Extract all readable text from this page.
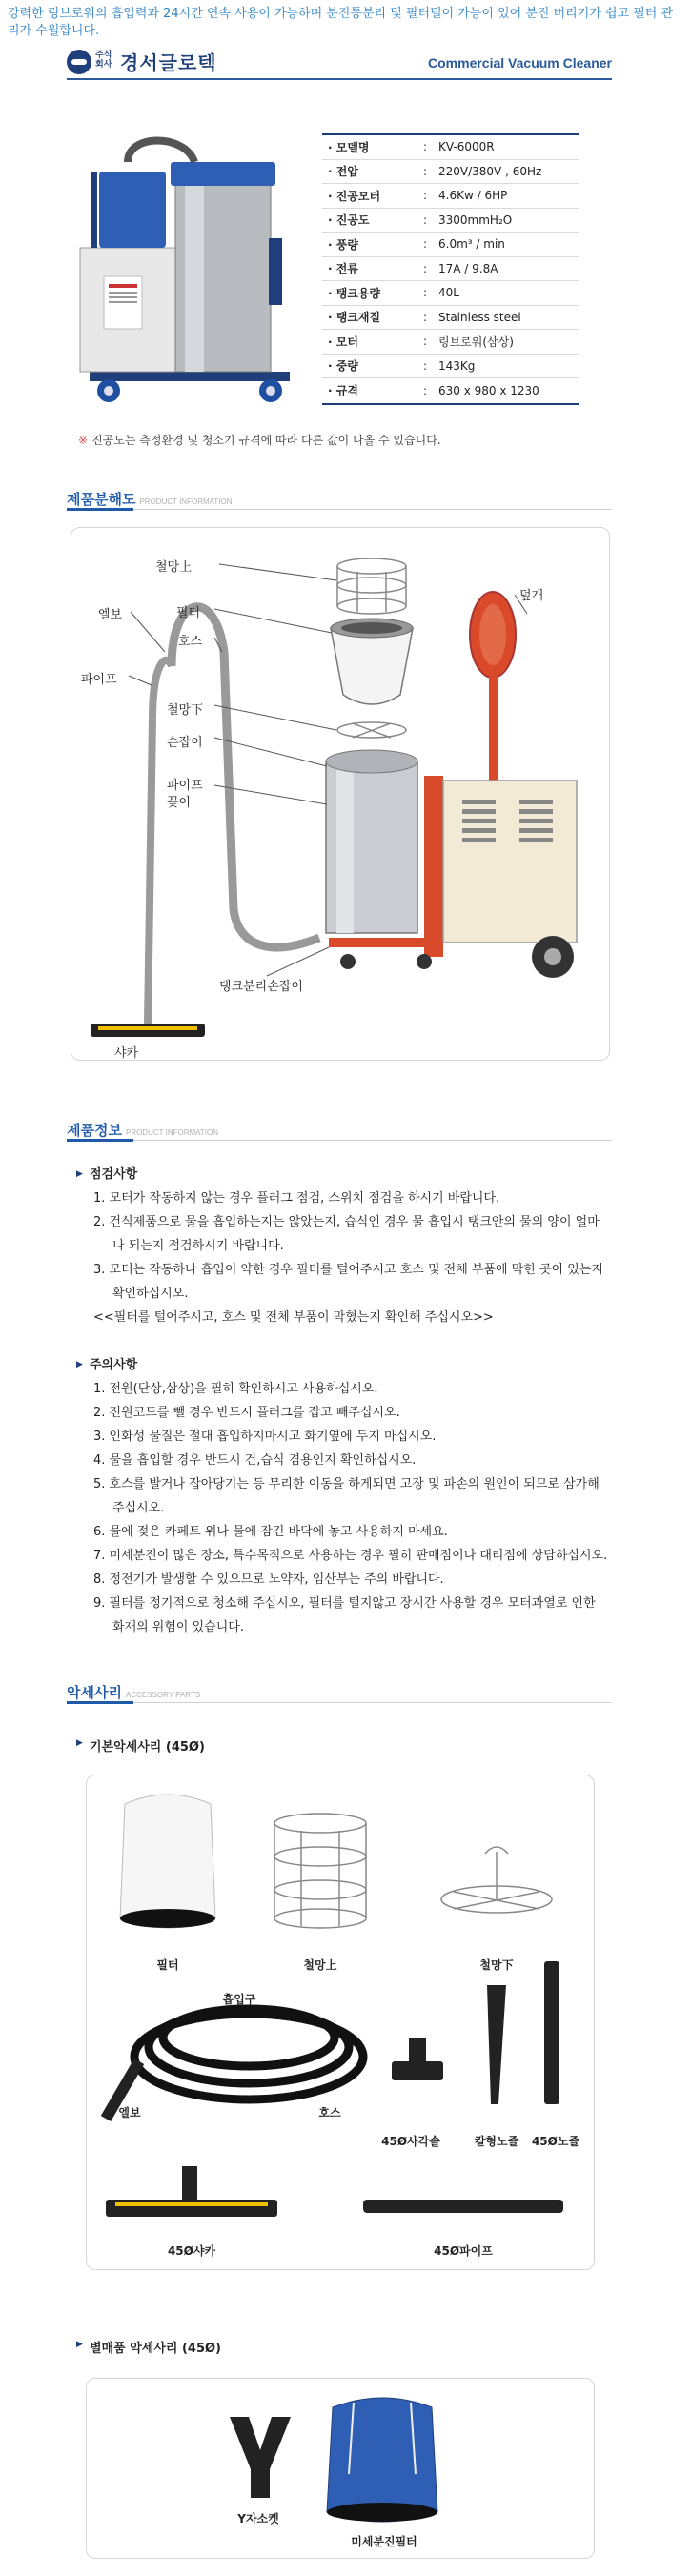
강력한 링브로워의 흡입력과 24시간 연속 사용이 가능하며 분진통분리 및 필터털이 가능이 있어 분진 버리기가 쉽고 필터 관리가 수월합니다.
주식
회사 경서글로텍	Commercial Vacuum Cleaner
· 모델명	: KV-6000R
· 전압	: 220V/380V , 60Hz
· 진공모터	: 4.6Kw / 6HP
· 진공도	: 3300mmH₂O
· 풍량	: 6.0m³ / min
· 전류	: 17A / 9.8A
· 탱크용량	: 40L
· 탱크재질	: Stainless steel
· 모터	: 링브로워(삼상)
· 중량	: 143Kg
· 규격	: 630 x 980 x 1230
※ 진공도는 측정환경 및 청소기 규격에 따라 다른 값이 나올 수 있습니다.
제품분해도 PRODUCT INFORMATION
철망上
덮개
엘보	필터
호스
철망下
손잡이
파이프
파이프
꽂이
샤카
탱크분리손잡이
제품정보 PRODUCT INFORMATION
▶ 점검사항
1. 모터가 작동하지 않는 경우 플러그 점검, 스위치 점검을 하시기 바랍니다.
2. 건식제품으로 물을 흡입하는지는 않았는지, 습식인 경우 물 흡입시 탱크안의 물의 양이 얼마나 되는지 점검하시기 바랍니다.
3. 모터는 작동하나 흡입이 약한 경우 필터를 털어주시고 호스 및 전체 부품에 막힌 곳이 있는지 확인하십시오.
<<필터를 털어주시고, 호스 및 전체 부품이 막혔는지 확인해 주십시오>>
▶ 주의사항
1. 전원(단상,삼상)을 필히 확인하시고 사용하십시오.
2. 전원코드를 뺄 경우 반드시 플러그를 잡고 빼주십시오.
3. 인화성 물질은 절대 흡입하지마시고 화기옆에 두지 마십시오.
4. 물을 흡입할 경우 반드시 건,습식 겸용인지 확인하십시오.
5. 호스를 발거나 잡아당기는 등 무리한 이동을 하게되면 고장 및 파손의 원인이 되므로 삼가해 주십시오.
6. 물에 젖은 카페트 위나 물에 잠긴 바닥에 놓고 사용하지 마세요.
7. 미세분진이 많은 장소, 특수목적으로 사용하는 경우 필히 판매점이나 대리점에 상담하십시오.
8. 정전기가 발생할 수 있으므로 노약자, 임산부는 주의 바랍니다.
9. 필터를 정기적으로 청소해 주십시오, 필터를 털지않고 장시간 사용할 경우 모터과열로 인한 화재의 위험이 있습니다.
악세사리 ACCESSORY PARTS
▶ 기본악세사리 (45Ø)
필터	철망上	철망下
흡입구
엘보	호스
45Ø사각솔	칼형노즐	45Ø노즐
45Ø샤카	45Ø파이프
▶ 별매품 악세사리 (45Ø)
Y자소켓
미세분진필터
